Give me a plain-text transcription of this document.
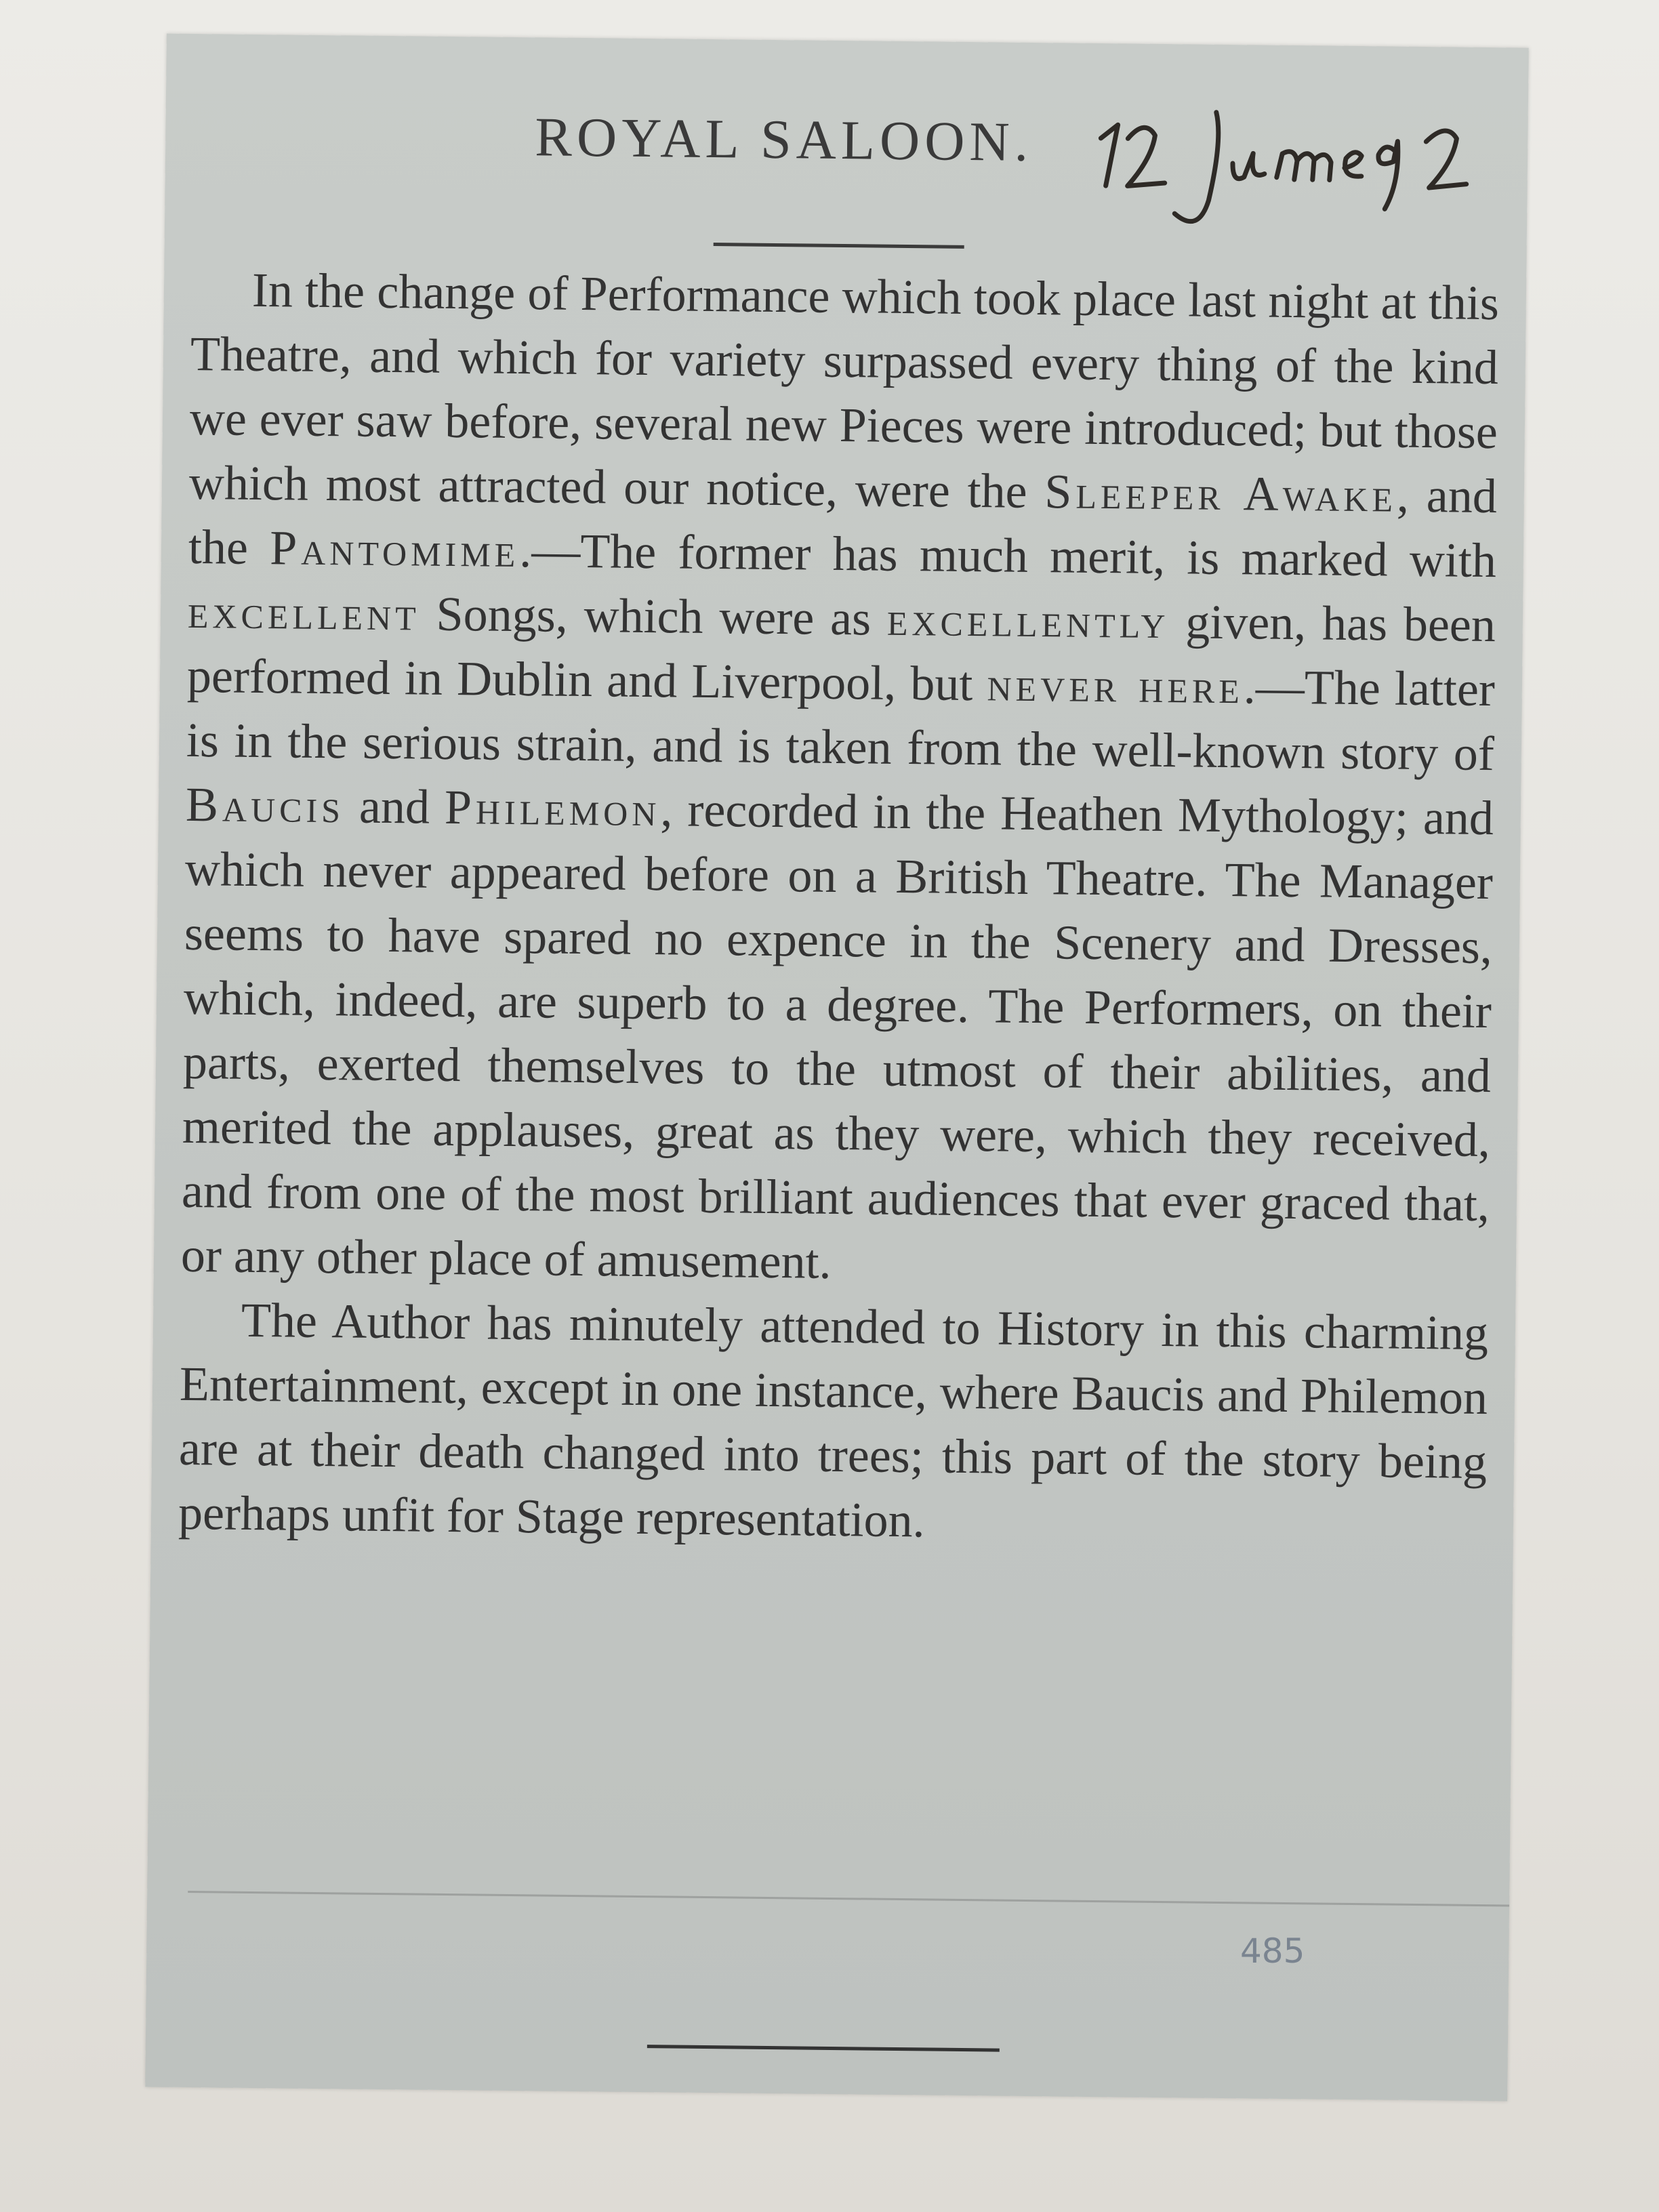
ROYAL SALOON.

In the change of Performance which took place last night at this Theatre, and which for variety surpassed every thing of the kind we ever saw before, several new Pieces were introduced; but those which most attracted our notice, were the Sleeper Awake, and the Pantomime.—The former has much merit, is marked with excellent Songs, which were as excellently given, has been performed in Dublin and Liverpool, but never here.—The latter is in the serious strain, and is taken from the well-known story of Baucis and Philemon, recorded in the Heathen Mythology; and which never appeared before on a British Theatre. The Manager seems to have spared no expence in the Scenery and Dresses, which, indeed, are superb to a degree. The Performers, on their parts, exerted themselves to the utmost of their abilities, and merited the applauses, great as they were, which they received, and from one of the most brilliant audiences that ever graced that, or any other place of amusement.

The Author has minutely attended to History in this charming Entertainment, except in one instance, where Baucis and Philemon are at their death changed into trees; this part of the story being perhaps unfit for Stage representation.

485
